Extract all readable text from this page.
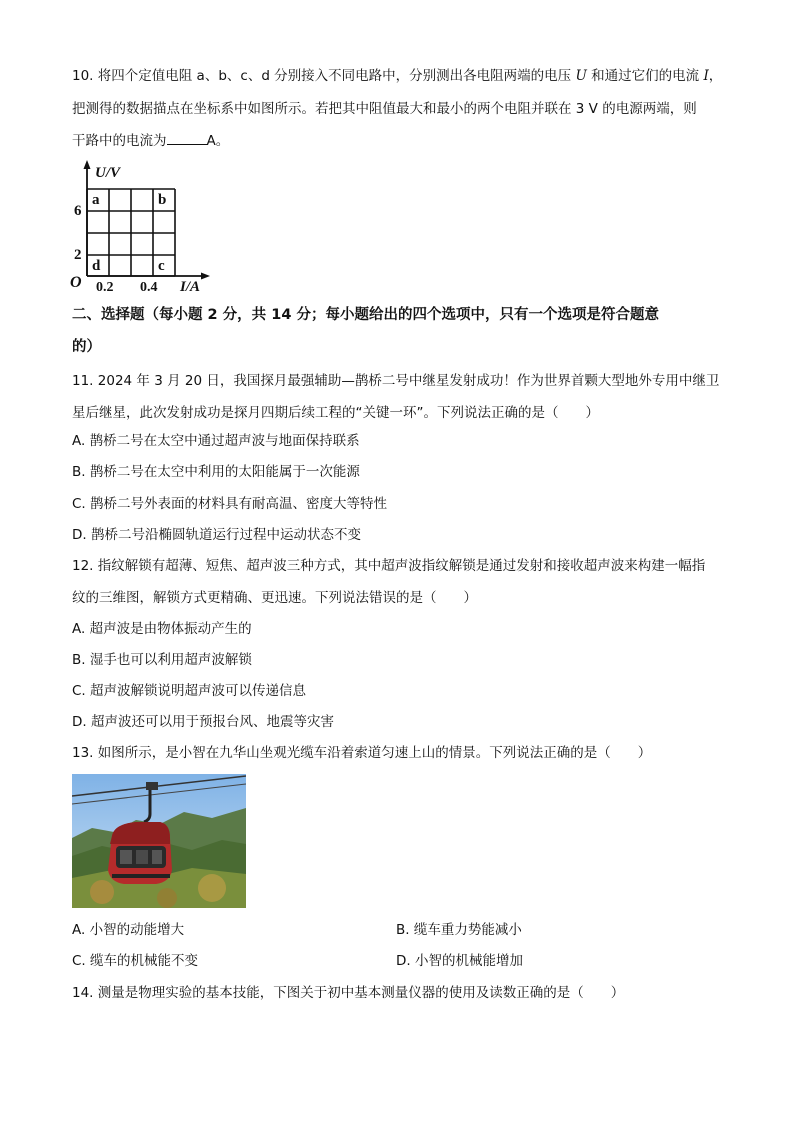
10. 将四个定值电阻 a、b、c、d 分别接入不同电路中，分别测出各电阻两端的电压 U 和通过它们的电流 I，
把测得的数据描点在坐标系中如图所示。若把其中阻值最大和最小的两个电阻并联在 3 V 的电源两端，则
干路中的电流为	A。
U/V
I/A
O
6
2
0.2 0.4
a	b
c
d
二、选择题（每小题 2 分，共 14 分；每小题给出的四个选项中，只有一个选项是符合题意
的）
11. 2024 年 3 月 20 日，我国探月最强辅助—鹊桥二号中继星发射成功！作为世界首颗大型地外专用中继卫
星后继星，此次发射成功是探月四期后续工程的“关键一环”。下列说法正确的是（　　）
A. 鹊桥二号在太空中通过超声波与地面保持联系
B. 鹊桥二号在太空中利用的太阳能属于一次能源
C. 鹊桥二号外表面的材料具有耐高温、密度大等特性
D. 鹊桥二号沿椭圆轨道运行过程中运动状态不变
12. 指纹解锁有超薄、短焦、超声波三种方式，其中超声波指纹解锁是通过发射和接收超声波来构建一幅指
纹的三维图，解锁方式更精确、更迅速。下列说法错误的是（　　）
A. 超声波是由物体振动产生的
B. 湿手也可以利用超声波解锁
C. 超声波解锁说明超声波可以传递信息
D. 超声波还可以用于预报台风、地震等灾害
13. 如图所示，是小智在九华山坐观光缆车沿着索道匀速上山的情景。下列说法正确的是（　　）
A. 小智的动能增大	B. 缆车重力势能减小
C. 缆车的机械能不变	D. 小智的机械能增加
14. 测量是物理实验的基本技能，下图关于初中基本测量仪器的使用及读数正确的是（　　）
